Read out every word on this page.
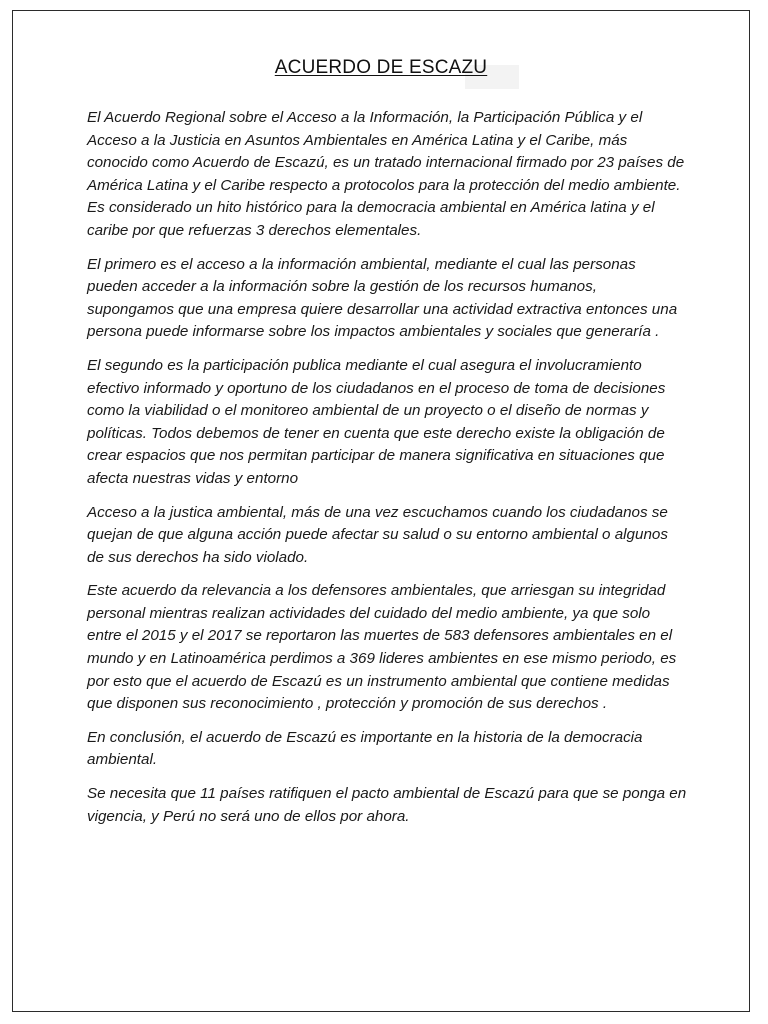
ACUERDO DE ESCAZU

El Acuerdo Regional sobre el Acceso a la Información, la Participación Pública y el Acceso a la Justicia en Asuntos Ambientales en América Latina y el Caribe, más conocido como Acuerdo de Escazú, es un tratado internacional firmado por 23 países de América Latina y el Caribe respecto a protocolos para la protección del medio ambiente. Es considerado un hito histórico para la democracia ambiental en América latina y el caribe por que refuerzas 3 derechos elementales.

El primero es el acceso a la información ambiental, mediante el cual las personas pueden acceder a la información sobre la gestión de los recursos humanos, supongamos que una empresa quiere desarrollar una actividad extractiva entonces una persona puede informarse sobre los impactos ambientales y sociales que generaría .

El segundo es la participación publica mediante el cual asegura el involucramiento efectivo informado y oportuno de los ciudadanos en el proceso de toma de decisiones como la viabilidad o el monitoreo ambiental de un proyecto o el diseño de normas y políticas. Todos debemos de tener en cuenta que este derecho existe la obligación de crear espacios que nos permitan participar de manera significativa en situaciones que afecta nuestras vidas y entorno

Acceso a la justica ambiental, más de una vez escuchamos cuando los ciudadanos se quejan de que alguna acción puede afectar su salud o su entorno ambiental o algunos de sus derechos ha sido violado.

Este acuerdo da relevancia a los defensores ambientales, que arriesgan su integridad personal mientras realizan actividades del cuidado del medio ambiente, ya que solo entre el 2015 y el 2017 se reportaron las muertes de 583 defensores ambientales en el mundo y en Latinoamérica perdimos a 369 lideres ambientes en ese mismo periodo, es por esto que el acuerdo de Escazú es un instrumento ambiental que contiene medidas que disponen sus reconocimiento , protección y promoción de sus derechos .

En conclusión, el acuerdo de Escazú es importante en la historia de la democracia ambiental.

Se necesita que 11 países ratifiquen el pacto ambiental de Escazú para que se ponga en vigencia, y Perú no será uno de ellos por ahora.
